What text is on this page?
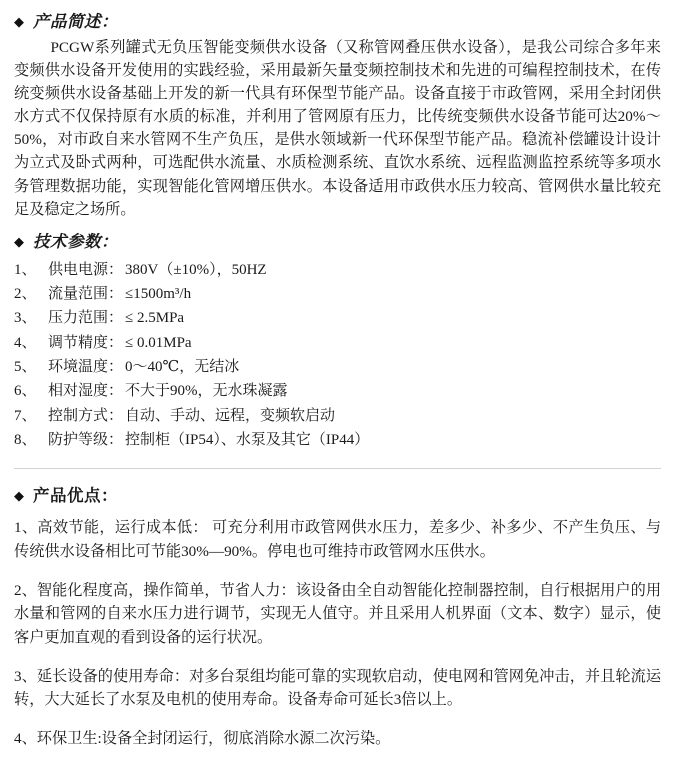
◆ 产品简述：

PCGW系列罐式无负压智能变频供水设备（又称管网叠压供水设备），是我公司综合多年来变频供水设备开发使用的实践经验，采用最新矢量变频控制技术和先进的可编程控制技术，在传统变频供水设备基础上开发的新一代具有环保型节能产品。设备直接于市政管网，采用全封闭供水方式不仅保持原有水质的标准，并利用了管网原有压力，比传统变频供水设备节能可达20%～50%，对市政自来水管网不生产负压，是供水领域新一代环保型节能产品。稳流补偿罐设计设计为立式及卧式两种，可选配供水流量、水质检测系统、直饮水系统、远程监测监控系统等多项水务管理数据功能，实现智能化管网增压供水。本设备适用市政供水压力较高、管网供水量比较充足及稳定之场所。

◆ 技术参数：
1、 供电电源： 380V（±10%），50HZ
2、 流量范围： ≤1500m³/h
3、 压力范围： ≤ 2.5MPa
4、 调节精度： ≤ 0.01MPa
5、 环境温度： 0～40℃，无结冰
6、 相对湿度： 不大于90%，无水珠凝露
7、 控制方式： 自动、手动、远程，变频软启动
8、 防护等级： 控制柜（IP54）、水泵及其它（IP44）
◆ 产品优点：

1、高效节能，运行成本低： 可充分利用市政管网供水压力，差多少、补多少、不产生负压、与传统供水设备相比可节能30%—90%。停电也可维持市政管网水压供水。

2、智能化程度高，操作简单，节省人力：该设备由全自动智能化控制器控制，自行根据用户的用水量和管网的自来水压力进行调节，实现无人值守。并且采用人机界面（文本、数字）显示，使客户更加直观的看到设备的运行状况。

3、延长设备的使用寿命：对多台泵组均能可靠的实现软启动，使电网和管网免冲击，并且轮流运转，大大延长了水泵及电机的使用寿命。设备寿命可延长3倍以上。

4、环保卫生:设备全封闭运行，彻底消除水源二次污染。
